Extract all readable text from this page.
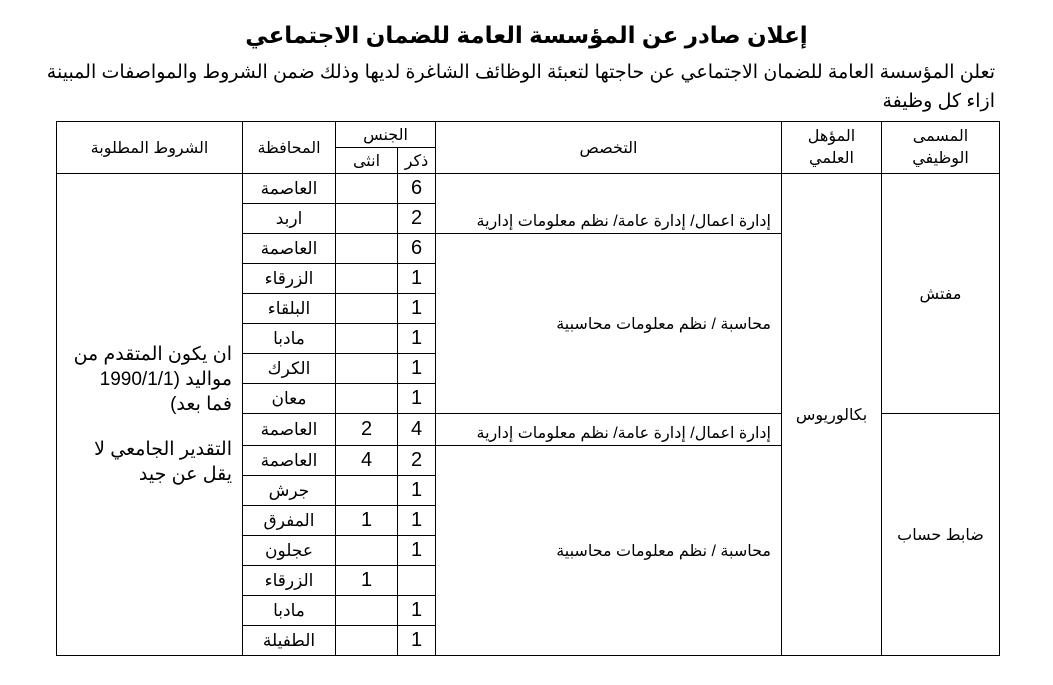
إعلان صادر عن المؤسسة العامة للضمان الاجتماعي
تعلن المؤسسة العامة للضمان الاجتماعي عن حاجتها لتعبئة الوظائف الشاغرة لديها وذلك ضمن الشروط والمواصفات المبينة ازاء كل وظيفة
المسمى الوظيفي	المؤهل العلمي	التخصص	الجنس		المحافظة	الشروط المطلوبة
			ذكر	انثى		
مفتش	بكالوريوس	إدارة اعمال/ إدارة عامة/ نظم معلومات إدارية	6		العاصمة	ان يكون المتقدم من مواليد (1990/1/1 فما بعد)

التقدير الجامعي لا يقل عن جيد

			2		اربد	
		محاسبة / نظم معلومات محاسبية	6		العاصمة	
			1		الزرقاء	
			1		البلقاء	
			1		مادبا	
			1		الكرك	
			1		معان	
ضابط حساب		إدارة اعمال/ إدارة عامة/ نظم معلومات إدارية	4	2	العاصمة	
		محاسبة / نظم معلومات محاسبية	2	4	العاصمة	
			1		جرش	
			1	1	المفرق	
			1		عجلون	
				1	الزرقاء	
			1		مادبا	
			1		الطفيلة	
